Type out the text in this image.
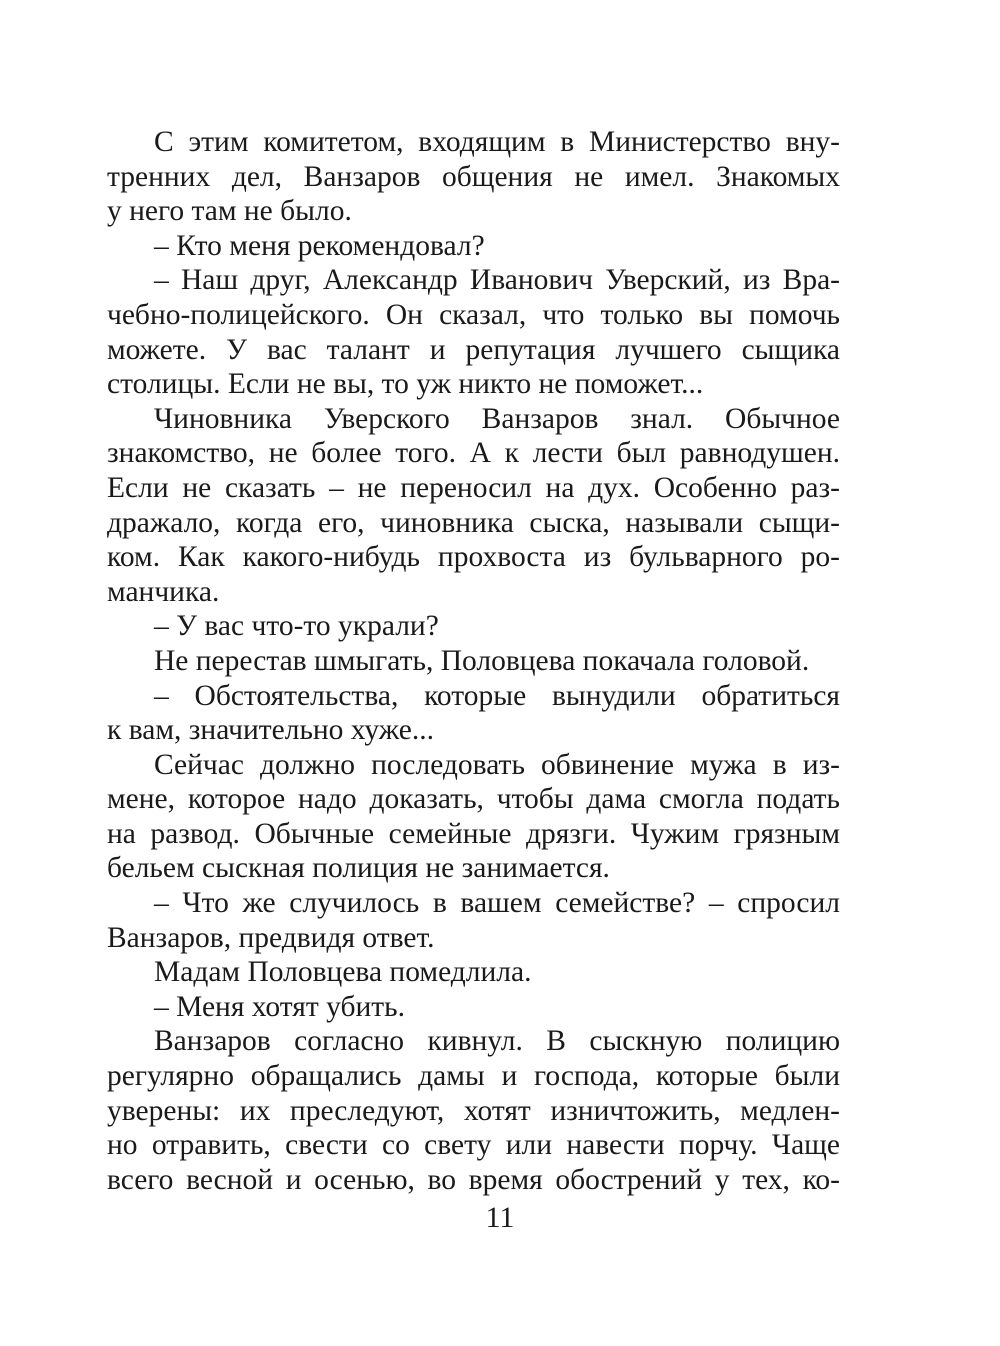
С этим комитетом, входящим в Министерство вну-
тренних дел, Ванзаров общения не имел. Знакомых
у него там не было.
– Кто меня рекомендовал?
– Наш друг, Александр Иванович Уверский, из Вра-
чебно-полицейского. Он сказал, что только вы помочь
можете. У вас талант и репутация лучшего сыщика
столицы. Если не вы, то уж никто не поможет...
Чиновника Уверского Ванзаров знал. Обычное
знакомство, не более того. А к лести был равнодушен.
Если не сказать – не переносил на дух. Особенно раз-
дражало, когда его, чиновника сыска, называли сыщи-
ком. Как какого-нибудь прохвоста из бульварного ро-
манчика.
– У вас что-то украли?
Не перестав шмыгать, Половцева покачала головой.
– Обстоятельства, которые вынудили обратиться
к вам, значительно хуже...
Сейчас должно последовать обвинение мужа в из-
мене, которое надо доказать, чтобы дама смогла подать
на развод. Обычные семейные дрязги. Чужим грязным
бельем сыскная полиция не занимается.
– Что же случилось в вашем семействе? – спросил
Ванзаров, предвидя ответ.
Мадам Половцева помедлила.
– Меня хотят убить.
Ванзаров согласно кивнул. В сыскную полицию
регулярно обращались дамы и господа, которые были
уверены: их преследуют, хотят изничтожить, медлен-
но отравить, свести со свету или навести порчу. Чаще
всего весной и осенью, во время обострений у тех, ко-
11
